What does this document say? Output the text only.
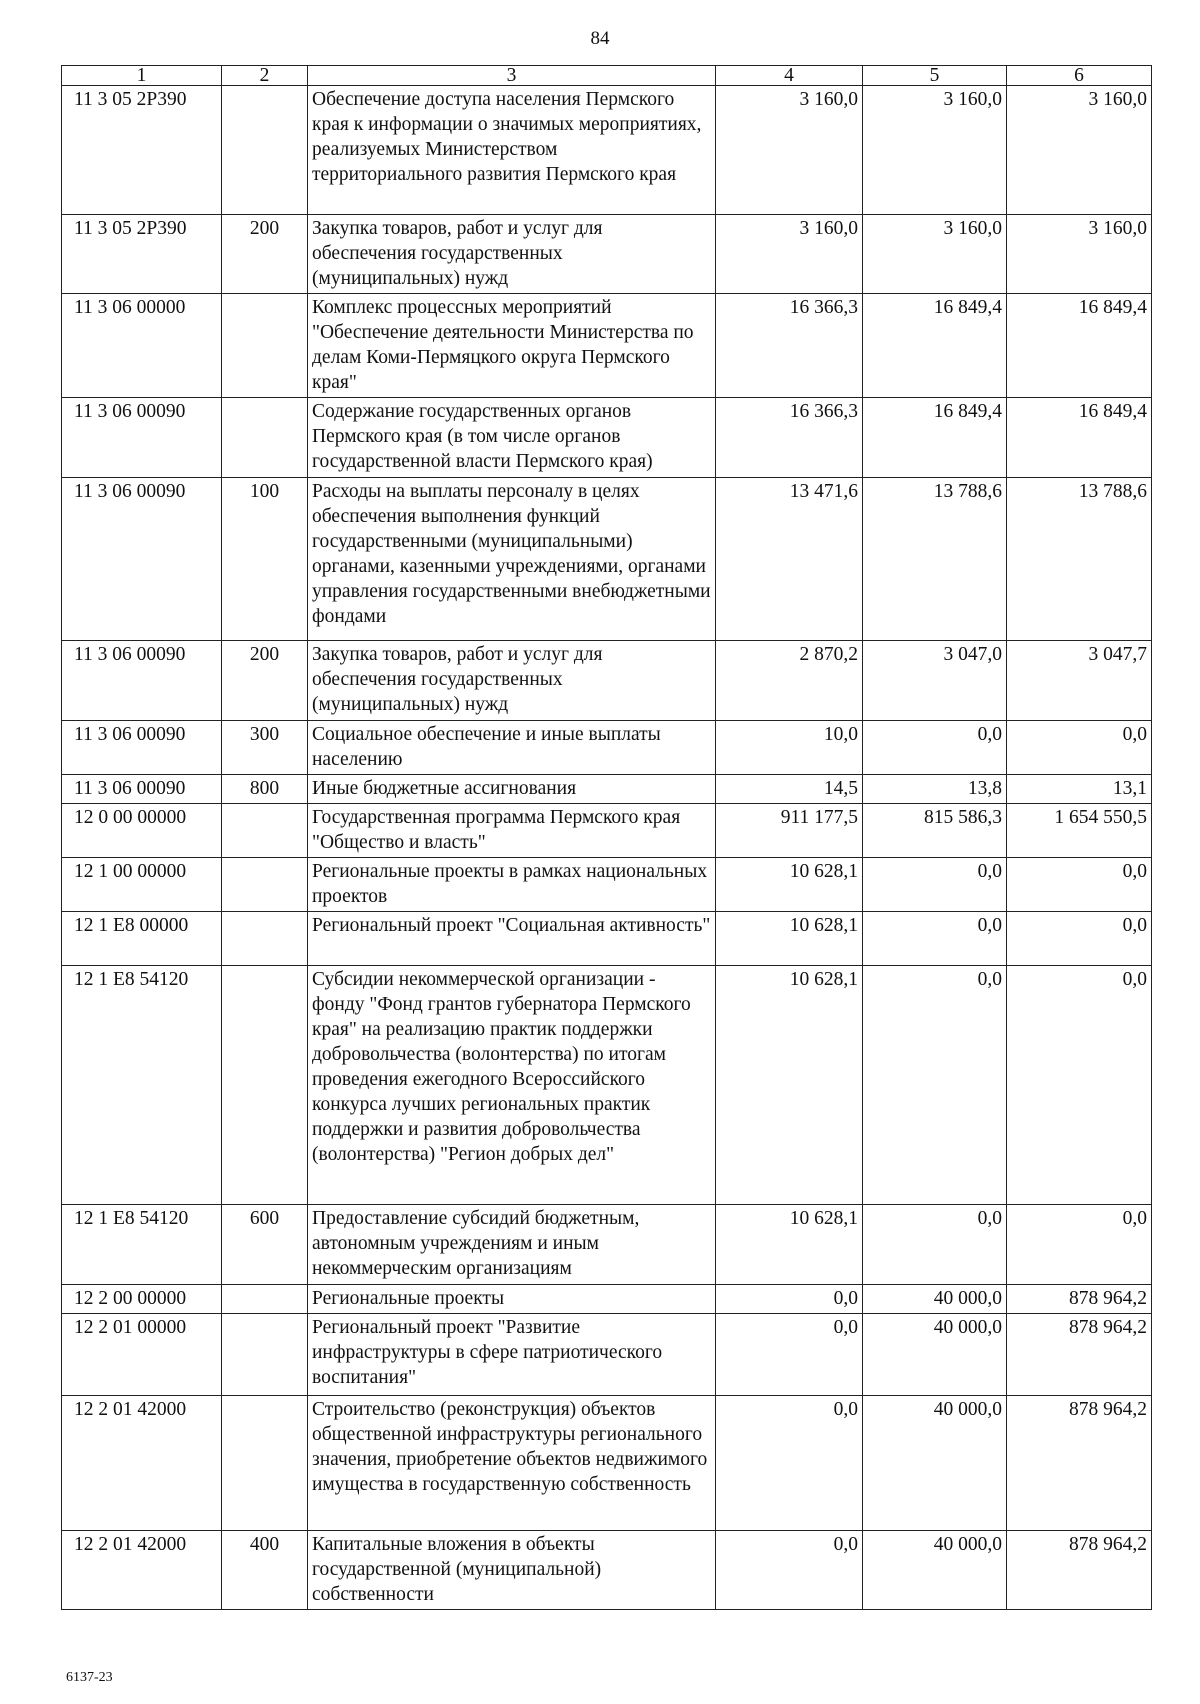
84
1	2	3	4	5	6
11 3 05 2P390		Обеспечение доступа населения Пермского края к информации о значимых мероприятиях, реализуемых Министерством территориального развития Пермского края	3 160,0	3 160,0	3 160,0
11 3 05 2P390	200	Закупка товаров, работ и услуг для обеспечения государственных (муниципальных) нужд	3 160,0	3 160,0	3 160,0
11 3 06 00000		Комплекс процессных мероприятий "Обеспечение деятельности Министерства по делам Коми-Пермяцкого округа Пермского края"	16 366,3	16 849,4	16 849,4
11 3 06 00090		Содержание государственных органов Пермского края (в том числе органов государственной власти Пермского края)	16 366,3	16 849,4	16 849,4
11 3 06 00090	100	Расходы на выплаты персоналу в целях обеспечения выполнения функций государственными (муниципальными) органами, казенными учреждениями, органами управления государственными внебюджетными фондами	13 471,6	13 788,6	13 788,6
11 3 06 00090	200	Закупка товаров, работ и услуг для обеспечения государственных (муниципальных) нужд	2 870,2	3 047,0	3 047,7
11 3 06 00090	300	Социальное обеспечение и иные выплаты населению	10,0	0,0	0,0
11 3 06 00090	800	Иные бюджетные ассигнования	14,5	13,8	13,1
12 0 00 00000		Государственная программа Пермского края "Общество и власть"	911 177,5	815 586,3	1 654 550,5
12 1 00 00000		Региональные проекты в рамках национальных проектов	10 628,1	0,0	0,0
12 1 E8 00000		Региональный проект "Социальная активность"	10 628,1	0,0	0,0
12 1 E8 54120		Субсидии некоммерческой организации - фонду "Фонд грантов губернатора Пермского края" на реализацию практик поддержки добровольчества (волонтерства) по итогам проведения ежегодного Всероссийского конкурса лучших региональных практик поддержки и развития добровольчества (волонтерства) "Регион добрых дел"	10 628,1	0,0	0,0
12 1 E8 54120	600	Предоставление субсидий бюджетным, автономным учреждениям и иным некоммерческим организациям	10 628,1	0,0	0,0
12 2 00 00000		Региональные проекты	0,0	40 000,0	878 964,2
12 2 01 00000		Региональный проект "Развитие инфраструктуры в сфере патриотического воспитания"	0,0	40 000,0	878 964,2
12 2 01 42000		Строительство (реконструкция) объектов общественной инфраструктуры регионального значения, приобретение объектов недвижимого имущества в государственную собственность	0,0	40 000,0	878 964,2
12 2 01 42000	400	Капитальные вложения в объекты государственной (муниципальной) собственности	0,0	40 000,0	878 964,2
6137-23
